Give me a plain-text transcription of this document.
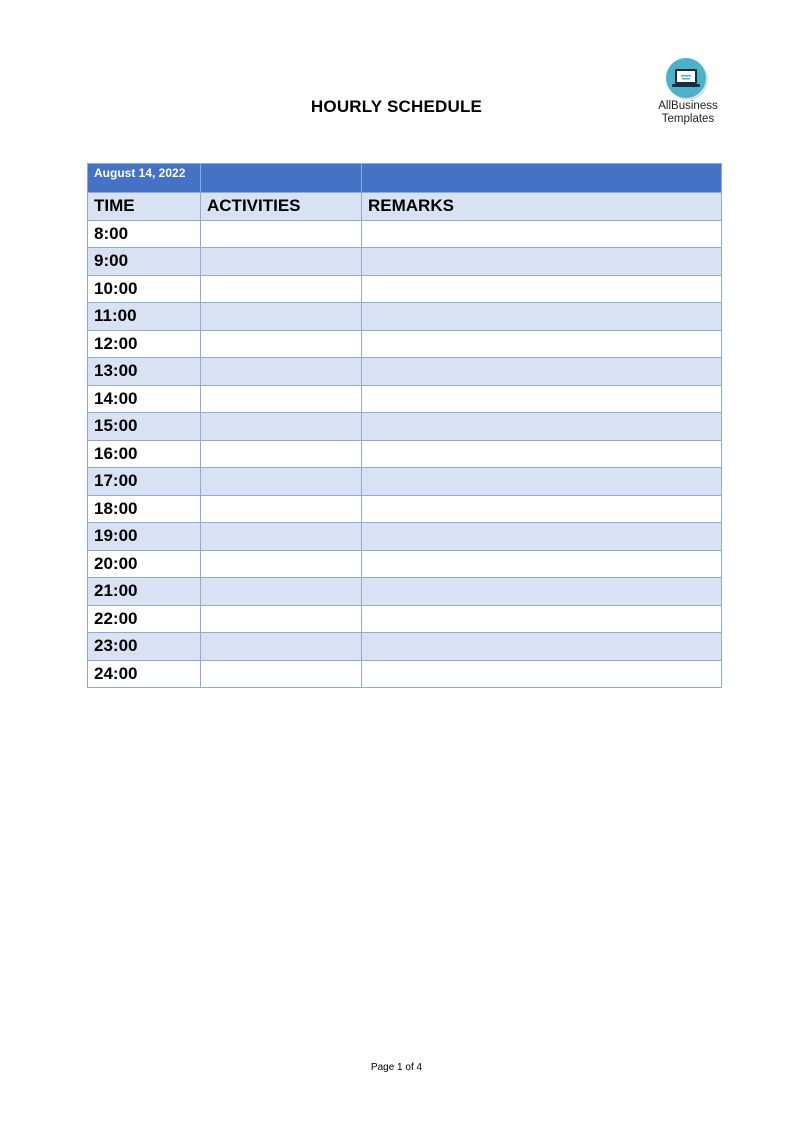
HOURLY SCHEDULE	AllBusiness
Templates
August 14, 2022		
TIME	ACTIVITIES	REMARKS
8:00		
9:00		
10:00		
11:00		
12:00		
13:00		
14:00		
15:00		
16:00		
17:00		
18:00		
19:00		
20:00		
21:00		
22:00		
23:00		
24:00		
Page 1 of 4
